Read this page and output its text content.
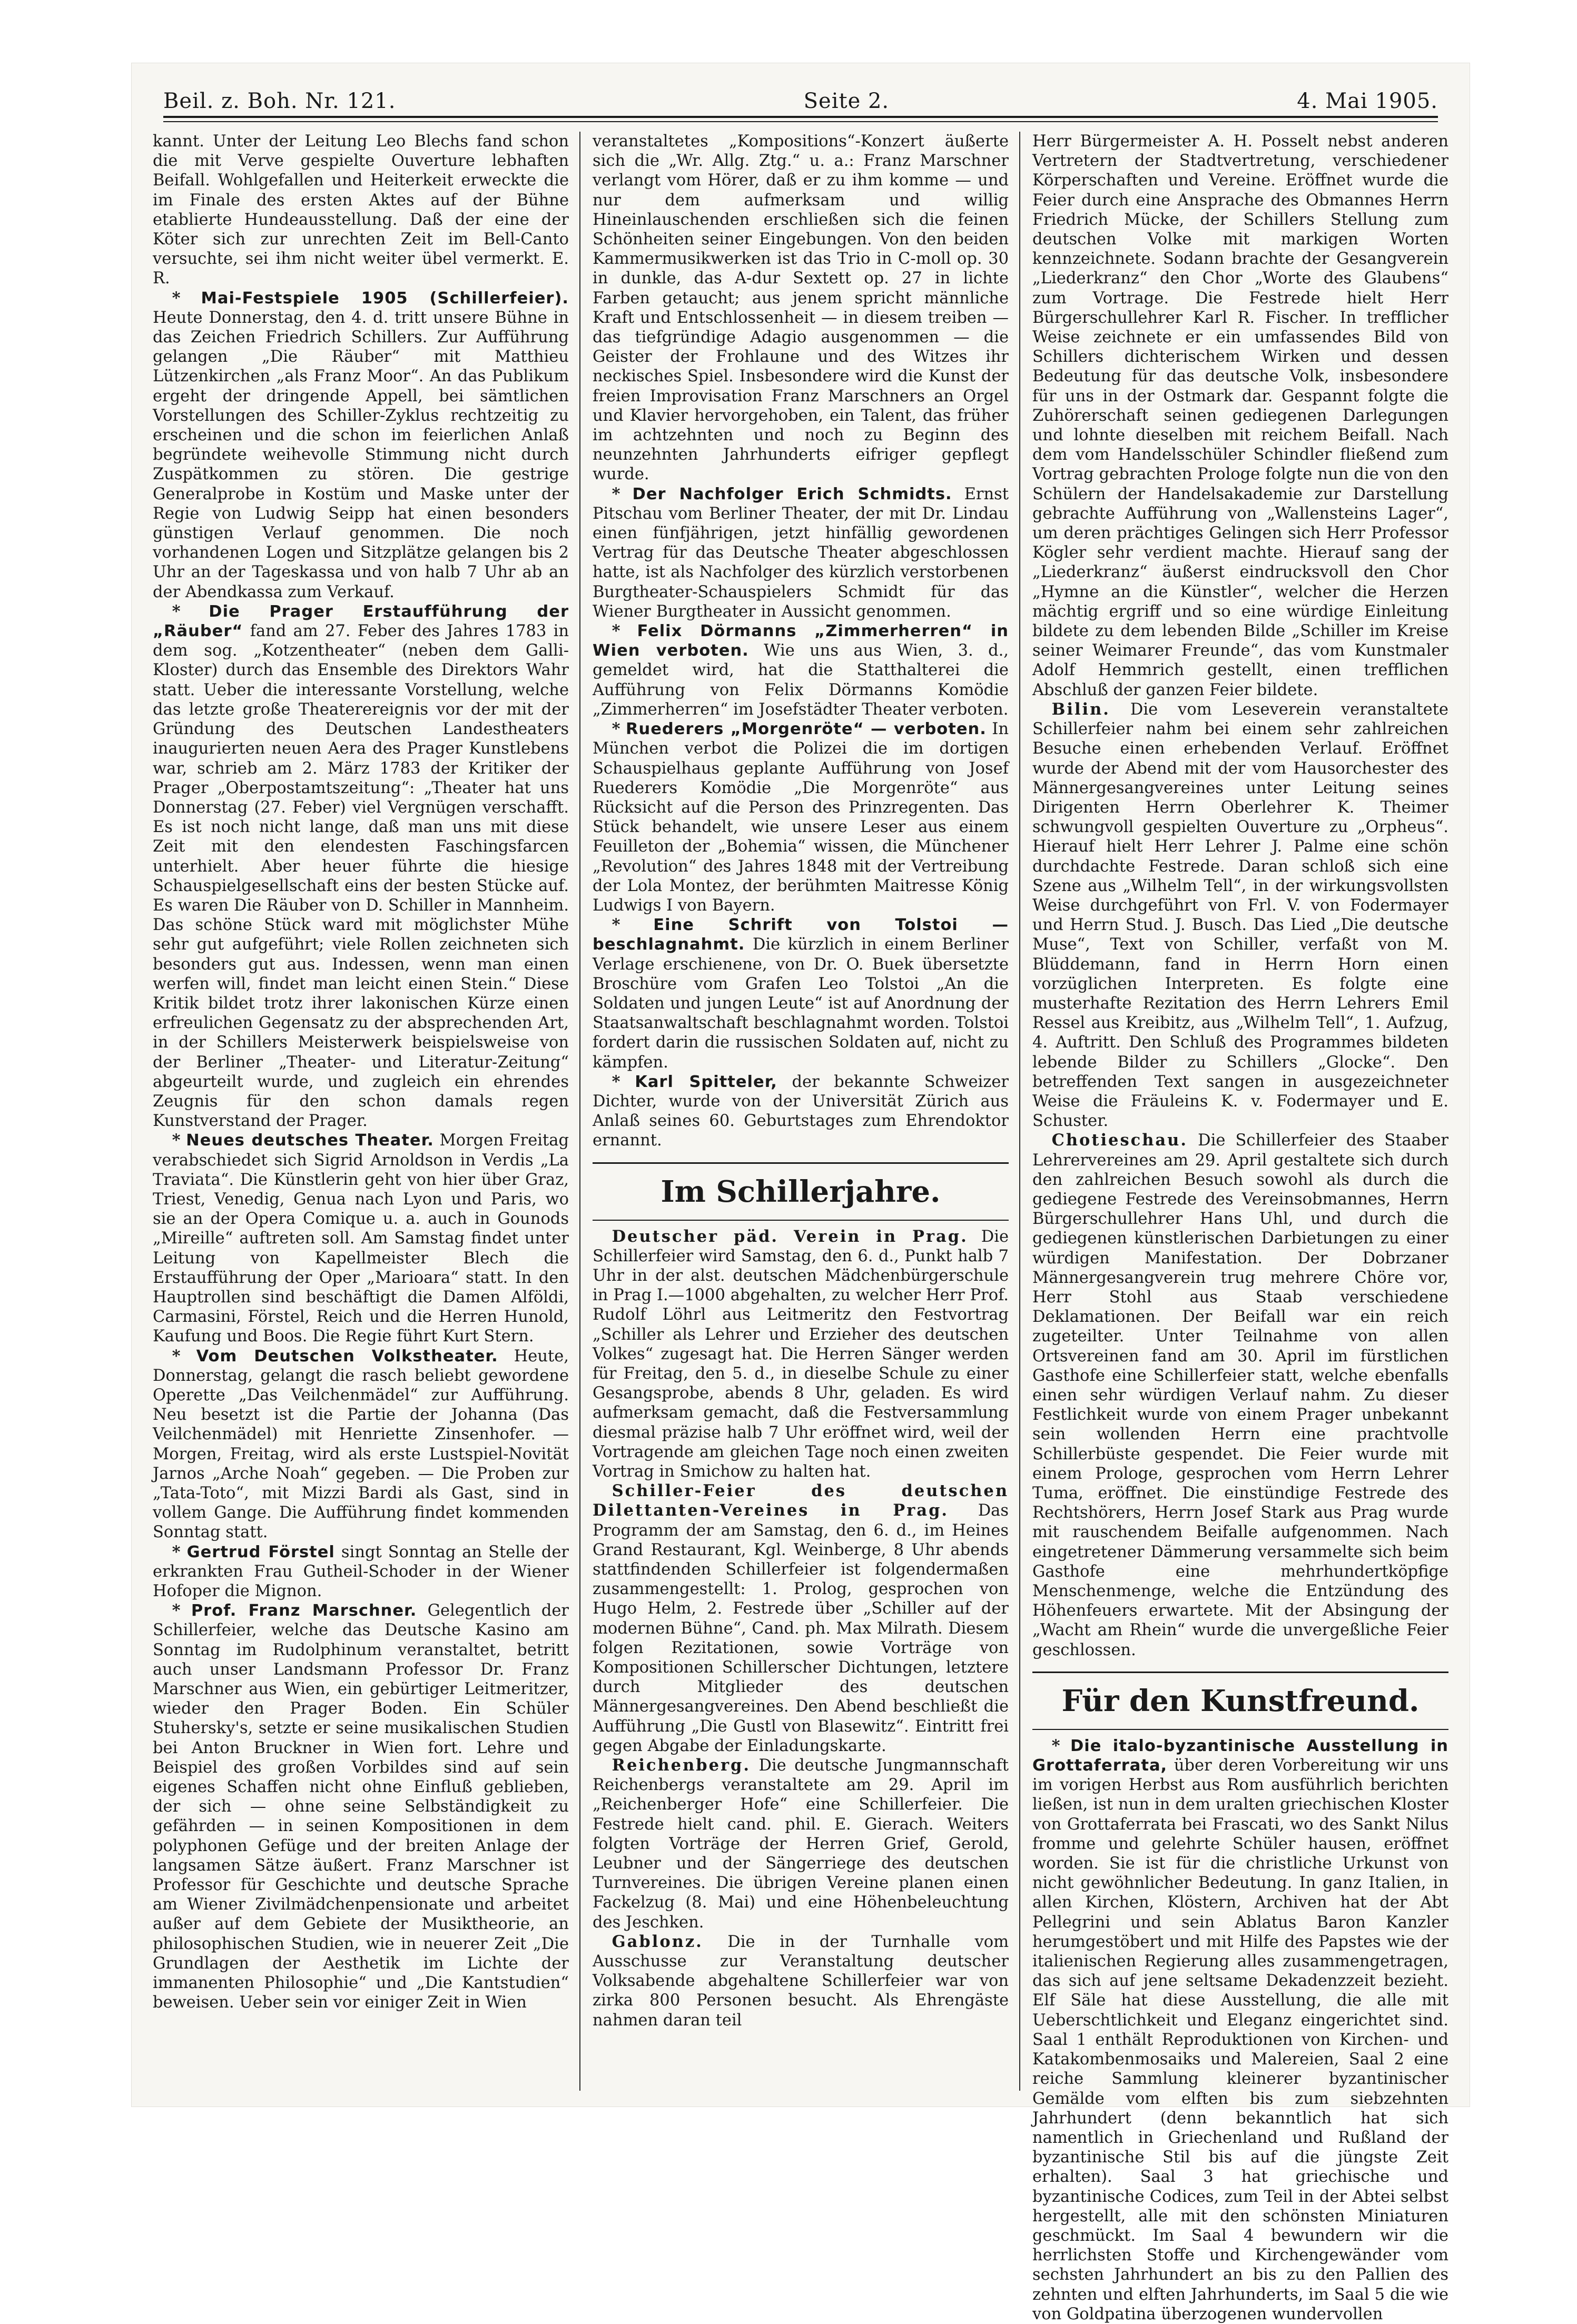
Beil. z. Boh. Nr. 121.	Seite 2.	4. Mai 1905.

kannt. Unter der Leitung Leo Blechs fand schon die mit Verve gespielte Ouverture lebhaften Beifall. Wohlgefallen und Heiterkeit erweckte die im Finale des ersten Aktes auf der Bühne etablierte Hundeausstellung. Daß der eine der Köter sich zur unrechten Zeit im Bell-Canto versuchte, sei ihm nicht weiter übel vermerkt. E. R.

* Mai-Festspiele 1905 (Schillerfeier). Heute Donnerstag, den 4. d. tritt unsere Bühne in das Zeichen Friedrich Schillers. Zur Aufführung gelangen „Die Räuber“ mit Matthieu Lützenkirchen „als Franz Moor“. An das Publikum ergeht der dringende Appell, bei sämtlichen Vorstellungen des Schiller-Zyklus rechtzeitig zu erscheinen und die schon im feierlichen Anlaß begründete weihevolle Stimmung nicht durch Zuspätkommen zu stören. Die gestrige Generalprobe in Kostüm und Maske unter der Regie von Ludwig Seipp hat einen besonders günstigen Verlauf genommen. Die noch vorhandenen Logen und Sitzplätze gelangen bis 2 Uhr an der Tageskassa und von halb 7 Uhr ab an der Abendkassa zum Verkauf.

* Die Prager Erstaufführung der „Räuber“ fand am 27. Feber des Jahres 1783 in dem sog. „Kotzentheater“ (neben dem Galli-Kloster) durch das Ensemble des Direktors Wahr statt. Ueber die interessante Vorstellung, welche das letzte große Theaterereignis vor der mit der Gründung des Deutschen Landestheaters inaugurierten neuen Aera des Prager Kunstlebens war, schrieb am 2. März 1783 der Kritiker der Prager „Oberpostamtszeitung“: „Theater hat uns Donnerstag (27. Feber) viel Vergnügen verschafft. Es ist noch nicht lange, daß man uns mit diese Zeit mit den elendesten Faschingsfarcen unterhielt. Aber heuer führte die hiesige Schauspielgesellschaft eins der besten Stücke auf. Es waren Die Räuber von D. Schiller in Mannheim. Das schöne Stück ward mit möglichster Mühe sehr gut aufgeführt; viele Rollen zeichneten sich besonders gut aus. Indessen, wenn man einen werfen will, findet man leicht einen Stein.“ Diese Kritik bildet trotz ihrer lakonischen Kürze einen erfreulichen Gegensatz zu der absprechenden Art, in der Schillers Meisterwerk beispielsweise von der Berliner „Theater- und Literatur-Zeitung“ abgeurteilt wurde, und zugleich ein ehrendes Zeugnis für den schon damals regen Kunstverstand der Prager.

* Neues deutsches Theater. Morgen Freitag verabschiedet sich Sigrid Arnoldson in Verdis „La Traviata“. Die Künstlerin geht von hier über Graz, Triest, Venedig, Genua nach Lyon und Paris, wo sie an der Opera Comique u. a. auch in Gounods „Mireille“ auftreten soll. Am Samstag findet unter Leitung von Kapellmeister Blech die Erstaufführung der Oper „Marioara“ statt. In den Hauptrollen sind beschäftigt die Damen Alföldi, Carmasini, Förstel, Reich und die Herren Hunold, Kaufung und Boos. Die Regie führt Kurt Stern.

* Vom Deutschen Volkstheater. Heute, Donnerstag, gelangt die rasch beliebt gewordene Operette „Das Veilchenmädel“ zur Aufführung. Neu besetzt ist die Partie der Johanna (Das Veilchenmädel) mit Henriette Zinsenhofer. — Morgen, Freitag, wird als erste Lustspiel-Novität Jarnos „Arche Noah“ gegeben. — Die Proben zur „Tata-Toto“, mit Mizzi Bardi als Gast, sind in vollem Gange. Die Aufführung findet kommenden Sonntag statt.

* Gertrud Förstel singt Sonntag an Stelle der erkrankten Frau Gutheil-Schoder in der Wiener Hofoper die Mignon.

* Prof. Franz Marschner. Gelegentlich der Schillerfeier, welche das Deutsche Kasino am Sonntag im Rudolphinum veranstaltet, betritt auch unser Landsmann Professor Dr. Franz Marschner aus Wien, ein gebürtiger Leitmeritzer, wieder den Prager Boden. Ein Schüler Stuhersky's, setzte er seine musikalischen Studien bei Anton Bruckner in Wien fort. Lehre und Beispiel des großen Vorbildes sind auf sein eigenes Schaffen nicht ohne Einfluß geblieben, der sich — ohne seine Selbständigkeit zu gefährden — in seinen Kompositionen in dem polyphonen Gefüge und der breiten Anlage der langsamen Sätze äußert. Franz Marschner ist Professor für Geschichte und deutsche Sprache am Wiener Zivilmädchenpensionate und arbeitet außer auf dem Gebiete der Musiktheorie, an philosophischen Studien, wie in neuerer Zeit „Die Grundlagen der Aesthetik im Lichte der immanenten Philosophie“ und „Die Kantstudien“ beweisen. Ueber sein vor einiger Zeit in Wien

veranstaltetes „Kompositions“-Konzert äußerte sich die „Wr. Allg. Ztg.“ u. a.: Franz Marschner verlangt vom Hörer, daß er zu ihm komme — und nur dem aufmerksam und willig Hineinlauschenden erschließen sich die feinen Schönheiten seiner Eingebungen. Von den beiden Kammermusikwerken ist das Trio in C-moll op. 30 in dunkle, das A-dur Sextett op. 27 in lichte Farben getaucht; aus jenem spricht männliche Kraft und Entschlossenheit — in diesem treiben — das tiefgründige Adagio ausgenommen — die Geister der Frohlaune und des Witzes ihr neckisches Spiel. Insbesondere wird die Kunst der freien Improvisation Franz Marschners an Orgel und Klavier hervorgehoben, ein Talent, das früher im achtzehnten und noch zu Beginn des neunzehnten Jahrhunderts eifriger gepflegt wurde.

* Der Nachfolger Erich Schmidts. Ernst Pitschau vom Berliner Theater, der mit Dr. Lindau einen fünfjährigen, jetzt hinfällig gewordenen Vertrag für das Deutsche Theater abgeschlossen hatte, ist als Nachfolger des kürzlich verstorbenen Burgtheater-Schauspielers Schmidt für das Wiener Burgtheater in Aussicht genommen.

* Felix Dörmanns „Zimmerherren“ in Wien verboten. Wie uns aus Wien, 3. d., gemeldet wird, hat die Statthalterei die Aufführung von Felix Dörmanns Komödie „Zimmerherren“ im Josefstädter Theater verboten.

* Ruederers „Morgenröte“ — verboten. In München verbot die Polizei die im dortigen Schauspielhaus geplante Aufführung von Josef Ruederers Komödie „Die Morgenröte“ aus Rücksicht auf die Person des Prinzregenten. Das Stück behandelt, wie unsere Leser aus einem Feuilleton der „Bohemia“ wissen, die Münchener „Revolution“ des Jahres 1848 mit der Vertreibung der Lola Montez, der berühmten Maitresse König Ludwigs I von Bayern.

* Eine Schrift von Tolstoi — beschlagnahmt. Die kürzlich in einem Berliner Verlage erschienene, von Dr. O. Buek übersetzte Broschüre vom Grafen Leo Tolstoi „An die Soldaten und jungen Leute“ ist auf Anordnung der Staatsanwaltschaft beschlagnahmt worden. Tolstoi fordert darin die russischen Soldaten auf, nicht zu kämpfen.

* Karl Spitteler, der bekannte Schweizer Dichter, wurde von der Universität Zürich aus Anlaß seines 60. Geburtstages zum Ehrendoktor ernannt.

Im Schillerjahre.

Deutscher päd. Verein in Prag. Die Schillerfeier wird Samstag, den 6. d., Punkt halb 7 Uhr in der alst. deutschen Mädchenbürgerschule in Prag I.—1000 abgehalten, zu welcher Herr Prof. Rudolf Löhrl aus Leitmeritz den Festvortrag „Schiller als Lehrer und Erzieher des deutschen Volkes“ zugesagt hat. Die Herren Sänger werden für Freitag, den 5. d., in dieselbe Schule zu einer Gesangsprobe, abends 8 Uhr, geladen. Es wird aufmerksam gemacht, daß die Festversammlung diesmal präzise halb 7 Uhr eröffnet wird, weil der Vortragende am gleichen Tage noch einen zweiten Vortrag in Smichow zu halten hat.

Schiller-Feier des deutschen Dilettanten-Vereines in Prag. Das Programm der am Samstag, den 6. d., im Heines Grand Restaurant, Kgl. Weinberge, 8 Uhr abends stattfindenden Schillerfeier ist folgendermaßen zusammengestellt: 1. Prolog, gesprochen von Hugo Helm, 2. Festrede über „Schiller auf der modernen Bühne“, Cand. ph. Max Milrath. Diesem folgen Rezitationen, sowie Vorträge von Kompositionen Schillerscher Dichtungen, letztere durch Mitglieder des deutschen Männergesangvereines. Den Abend beschließt die Aufführung „Die Gustl von Blasewitz“. Eintritt frei gegen Abgabe der Einladungskarte.

Reichenberg. Die deutsche Jungmannschaft Reichenbergs veranstaltete am 29. April im „Reichenberger Hofe“ eine Schillerfeier. Die Festrede hielt cand. phil. E. Gierach. Weiters folgten Vorträge der Herren Grief, Gerold, Leubner und der Sängerriege des deutschen Turnvereines. Die übrigen Vereine planen einen Fackelzug (8. Mai) und eine Höhenbeleuchtung des Jeschken.

Gablonz. Die in der Turnhalle vom Ausschusse zur Veranstaltung deutscher Volksabende abgehaltene Schillerfeier war von zirka 800 Personen besucht. Als Ehrengäste nahmen daran teil

Herr Bürgermeister A. H. Posselt nebst anderen Vertretern der Stadtvertretung, verschiedener Körperschaften und Vereine. Eröffnet wurde die Feier durch eine Ansprache des Obmannes Herrn Friedrich Mücke, der Schillers Stellung zum deutschen Volke mit markigen Worten kennzeichnete. Sodann brachte der Gesangverein „Liederkranz“ den Chor „Worte des Glaubens“ zum Vortrage. Die Festrede hielt Herr Bürgerschullehrer Karl R. Fischer. In trefflicher Weise zeichnete er ein umfassendes Bild von Schillers dichterischem Wirken und dessen Bedeutung für das deutsche Volk, insbesondere für uns in der Ostmark dar. Gespannt folgte die Zuhörerschaft seinen gediegenen Darlegungen und lohnte dieselben mit reichem Beifall. Nach dem vom Handelsschüler Schindler fließend zum Vortrag gebrachten Prologe folgte nun die von den Schülern der Handelsakademie zur Darstellung gebrachte Aufführung von „Wallensteins Lager“, um deren prächtiges Gelingen sich Herr Professor Kögler sehr verdient machte. Hierauf sang der „Liederkranz“ äußerst eindrucksvoll den Chor „Hymne an die Künstler“, welcher die Herzen mächtig ergriff und so eine würdige Einleitung bildete zu dem lebenden Bilde „Schiller im Kreise seiner Weimarer Freunde“, das vom Kunstmaler Adolf Hemmrich gestellt, einen trefflichen Abschluß der ganzen Feier bildete.

Bilin. Die vom Leseverein veranstaltete Schillerfeier nahm bei einem sehr zahlreichen Besuche einen erhebenden Verlauf. Eröffnet wurde der Abend mit der vom Hausorchester des Männergesangvereines unter Leitung seines Dirigenten Herrn Oberlehrer K. Theimer schwungvoll gespielten Ouverture zu „Orpheus“. Hierauf hielt Herr Lehrer J. Palme eine schön durchdachte Festrede. Daran schloß sich eine Szene aus „Wilhelm Tell“, in der wirkungsvollsten Weise durchgeführt von Frl. V. von Fodermayer und Herrn Stud. J. Busch. Das Lied „Die deutsche Muse“, Text von Schiller, verfaßt von M. Blüddemann, fand in Herrn Horn einen vorzüglichen Interpreten. Es folgte eine musterhafte Rezitation des Herrn Lehrers Emil Ressel aus Kreibitz, aus „Wilhelm Tell“, 1. Aufzug, 4. Auftritt. Den Schluß des Programmes bildeten lebende Bilder zu Schillers „Glocke“. Den betreffenden Text sangen in ausgezeichneter Weise die Fräuleins K. v. Fodermayer und E. Schuster.

Chotieschau. Die Schillerfeier des Staaber Lehrervereines am 29. April gestaltete sich durch den zahlreichen Besuch sowohl als durch die gediegene Festrede des Vereinsobmannes, Herrn Bürgerschullehrer Hans Uhl, und durch die gediegenen künstlerischen Darbietungen zu einer würdigen Manifestation. Der Dobrzaner Männergesangverein trug mehrere Chöre vor, Herr Stohl aus Staab verschiedene Deklamationen. Der Beifall war ein reich zugeteilter. Unter Teilnahme von allen Ortsvereinen fand am 30. April im fürstlichen Gasthofe eine Schillerfeier statt, welche ebenfalls einen sehr würdigen Verlauf nahm. Zu dieser Festlichkeit wurde von einem Prager unbekannt sein wollenden Herrn eine prachtvolle Schillerbüste gespendet. Die Feier wurde mit einem Prologe, gesprochen vom Herrn Lehrer Tuma, eröffnet. Die einstündige Festrede des Rechtshörers, Herrn Josef Stark aus Prag wurde mit rauschendem Beifalle aufgenommen. Nach eingetretener Dämmerung versammelte sich beim Gasthofe eine mehrhundertköpfige Menschenmenge, welche die Entzündung des Höhenfeuers erwartete. Mit der Absingung der „Wacht am Rhein“ wurde die unvergeßliche Feier geschlossen.

Für den Kunstfreund.

* Die italo-byzantinische Ausstellung in Grottaferrata, über deren Vorbereitung wir uns im vorigen Herbst aus Rom ausführlich berichten ließen, ist nun in dem uralten griechischen Kloster von Grottaferrata bei Frascati, wo des Sankt Nilus fromme und gelehrte Schüler hausen, eröffnet worden. Sie ist für die christliche Urkunst von nicht gewöhnlicher Bedeutung. In ganz Italien, in allen Kirchen, Klöstern, Archiven hat der Abt Pellegrini und sein Ablatus Baron Kanzler herumgestöbert und mit Hilfe des Papstes wie der italienischen Regierung alles zusammengetragen, das sich auf jene seltsame Dekadenzzeit bezieht. Elf Säle hat diese Ausstellung, die alle mit Ueberschtlichkeit und Eleganz eingerichtet sind. Saal 1 enthält Reproduktionen von Kirchen- und Katakombenmosaiks und Malereien, Saal 2 eine reiche Sammlung kleinerer byzantinischer Gemälde vom elften bis zum siebzehnten Jahrhundert (denn bekanntlich hat sich namentlich in Griechenland und Rußland der byzantinische Stil bis auf die jüngste Zeit erhalten). Saal 3 hat griechische und byzantinische Codices, zum Teil in der Abtei selbst hergestellt, alle mit den schönsten Miniaturen geschmückt. Im Saal 4 bewundern wir die herrlichsten Stoffe und Kirchengewänder vom sechsten Jahrhundert an bis zu den Pallien des zehnten und elften Jahrhunderts, im Saal 5 die wie von Goldpatina überzogenen wundervollen
